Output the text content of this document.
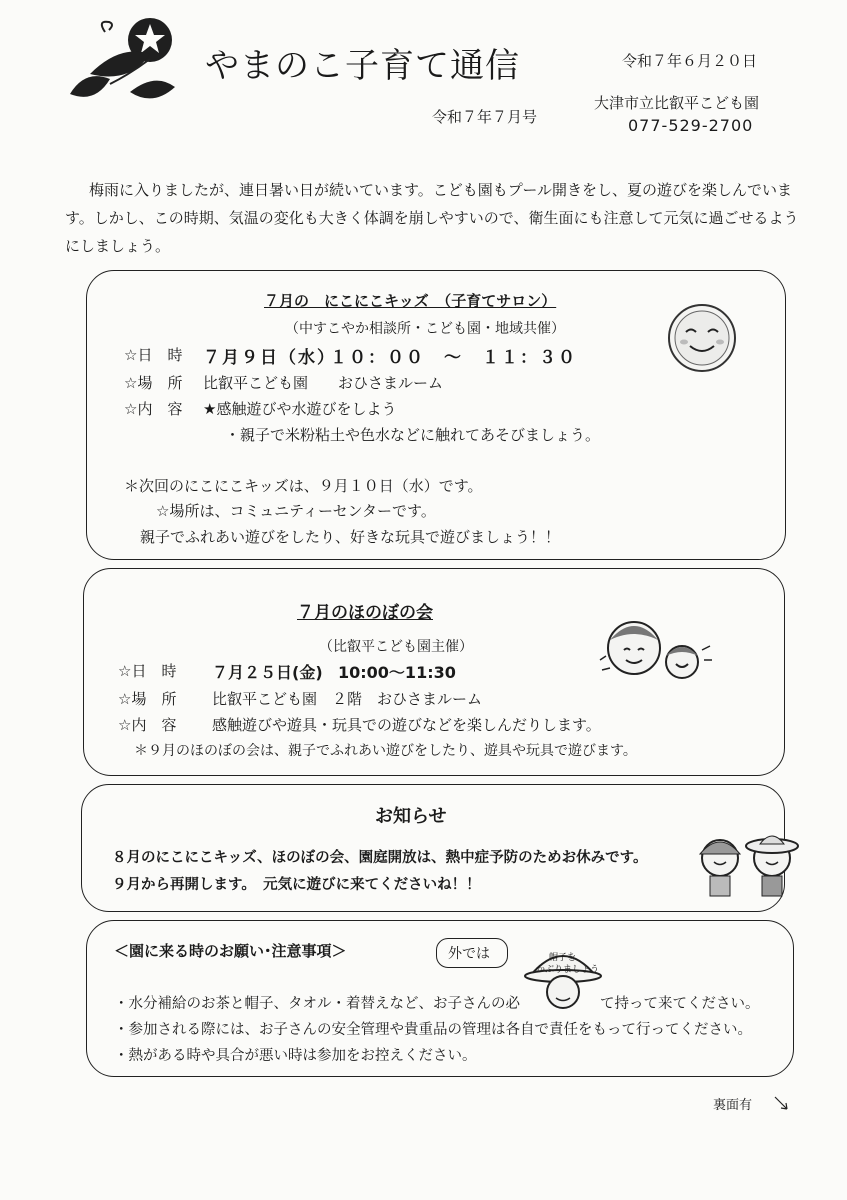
やまのこ子育て通信
令和７年７月号
令和７年６月２０日
大津市立比叡平こども園
077-529-2700
梅雨に入りましたが、連日暑い日が続いています。こども園もプール開きをし、夏の遊びを楽しんでいます。しかし、この時期、気温の変化も大きく体調を崩しやすいので、衛生面にも注意して元気に過ごせるようにしましょう。
７月の　にこにこキッズ　（子育てサロン）
（中すこやか相談所・こども園・地域共催）
☆日　時 ７月９日（水）
１０：００　～　１１：３０
☆場　所 比叡平こども園　　おひさまルーム
☆内　容 ★感触遊びや水遊びをしよう
・親子で米粉粘土や色水などに触れてあそびましょう。
＊次回のにこにこキッズは、９月１０日（水）です。
☆場所は、コミュニティーセンターです。
親子でふれあい遊びをしたり、好きな玩具で遊びましょう！！
７月のほのぼの会
（比叡平こども園主催）
☆日　時 ７月２５日(金) 10:00～11:30
☆場　所 比叡平こども園　２階　おひさまルーム
☆内　容 感触遊びや遊具・玩具での遊びなどを楽しんだりします。
＊９月のほのぼの会は、親子でふれあい遊びをしたり、遊具や玩具で遊びます。
お知らせ
８月のにこにこキッズ、ほのぼの会、園庭開放は、熱中症予防のためお休みです。
９月から再開します。　元気に遊びに来てくださいね！！
＜園に来る時のお願い･注意事項＞	外では	帽子を
かぶりましょう
・水分補給のお茶と帽子、タオル・着替えなど、お子さんの必	て持って来てください。
・参加される際には、お子さんの安全管理や貴重品の管理は各自で責任をもって行ってください。
・熱がある時や具合が悪い時は参加をお控えください。
裏面有
